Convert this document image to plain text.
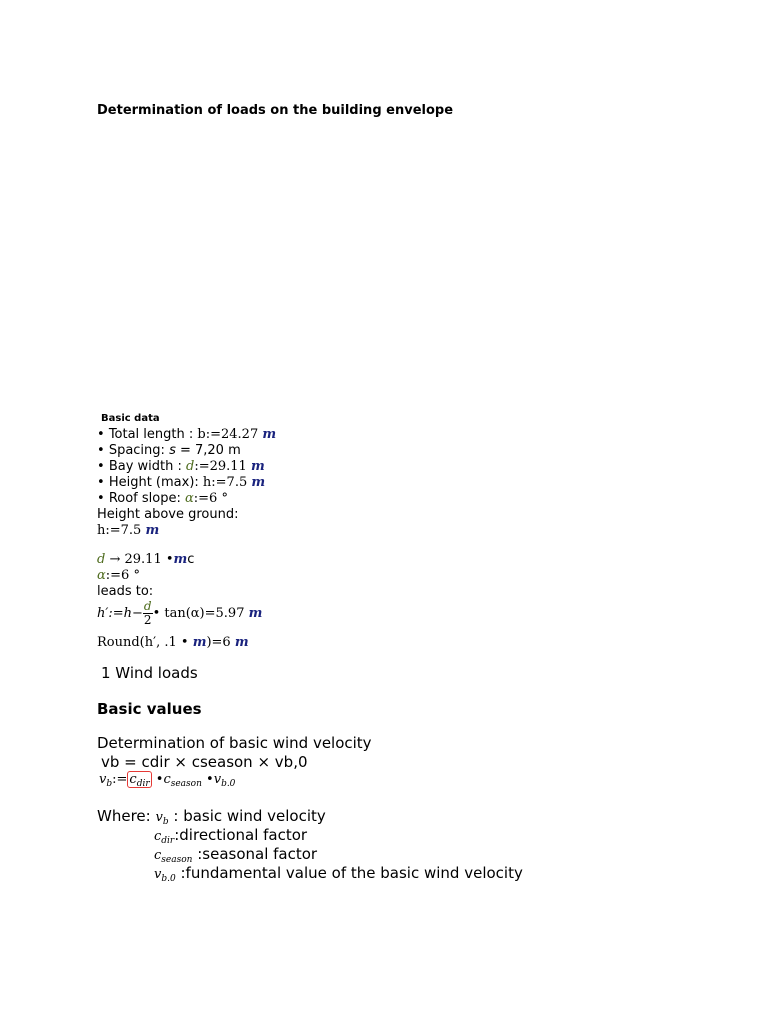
Determination of loads on the building envelope
Basic data
• Total length : b:=24.27 m
• Spacing: s = 7,20 m
• Bay width : d:=29.11 m
• Height (max): h:=7.5 m
• Roof slope: α:=6 °
Height above ground:
h:=7.5 m
d → 29.11 •mc
α:=6 °
leads to:
h′:=h− $\frac{d}{2}$ • tan(α)=5.97 m
Round(h′, .1 • m)=6 m
1 Wind loads
Basic values
Determination of basic wind velocity
vb = cdir × cseason × vb,0
$v_b:= c_{dir}$ $•c_{season}$ $•v_{b.0}$
Where: $v_b$ : basic wind velocity
$c_{dir}:directional$ factor
$c_{season}$ :seasonal factor
$v_{b.0}$ :fundamental value of the basic wind velocity
